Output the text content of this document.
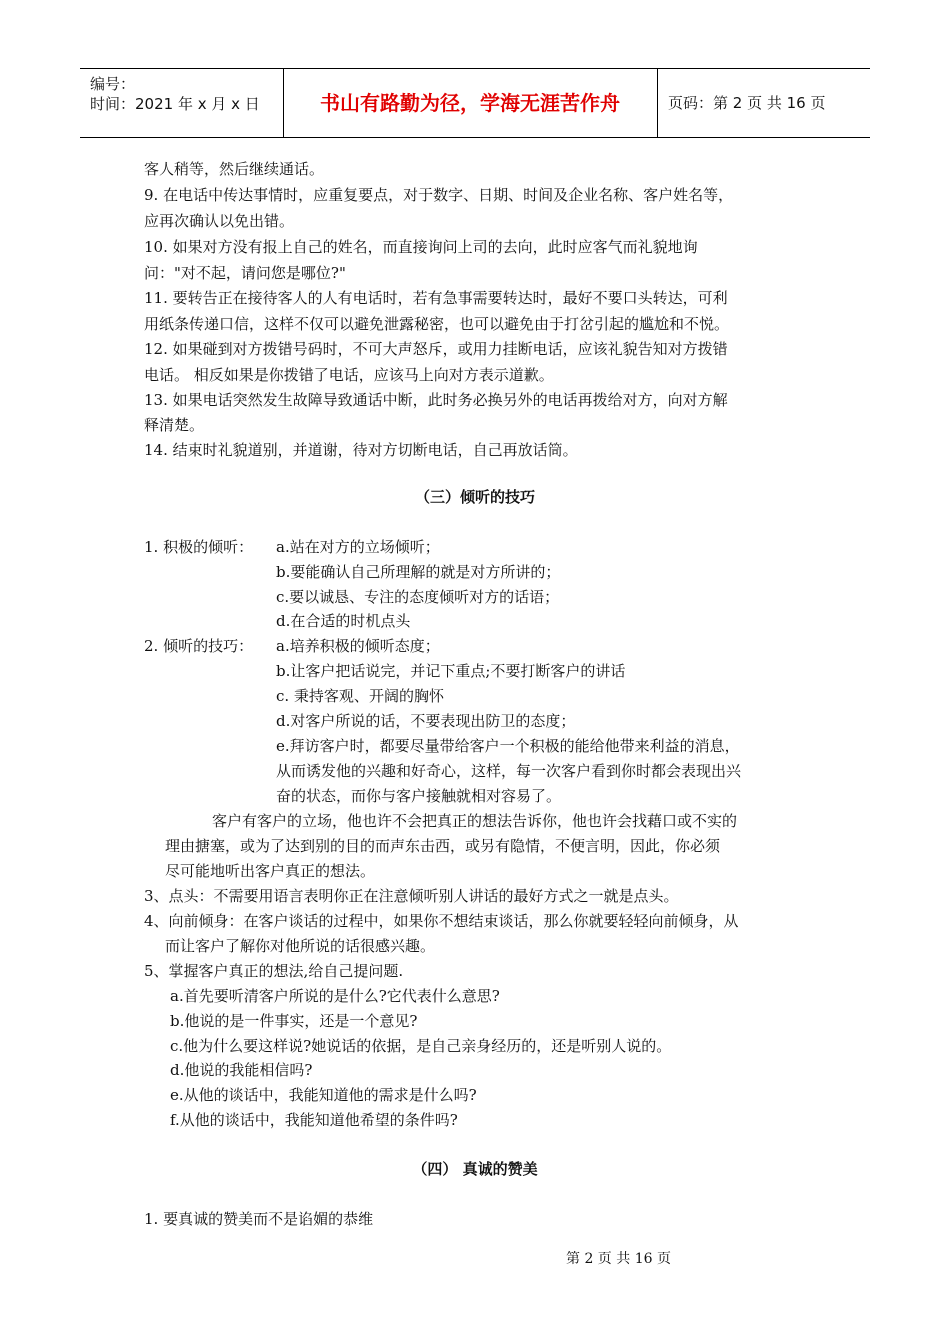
编号：
时间：2021 年 x 月 x 日	书山有路勤为径，学海无涯苦作舟	页码：第 2 页 共 16 页
客人稍等，然后继续通话。
9. 在电话中传达事情时，应重复要点，对于数字、日期、时间及企业名称、客户姓名等，
应再次确认以免出错。
10. 如果对方没有报上自己的姓名，而直接询问上司的去向，此时应客气而礼貌地询
问："对不起，请问您是哪位?"
11. 要转告正在接待客人的人有电话时，若有急事需要转达时，最好不要口头转达，可利
用纸条传递口信，这样不仅可以避免泄露秘密，也可以避免由于打岔引起的尴尬和不悦。
12. 如果碰到对方拨错号码时，不可大声怒斥，或用力挂断电话，应该礼貌告知对方拨错
电话。 相反如果是你拨错了电话，应该马上向对方表示道歉。
13. 如果电话突然发生故障导致通话中断，此时务必换另外的电话再拨给对方，向对方解
释清楚。
14. 结束时礼貌道别，并道谢，待对方切断电话，自己再放话筒。
（三）倾听的技巧
1. 积极的倾听： a.站在对方的立场倾听；
b.要能确认自己所理解的就是对方所讲的；
c.要以诚恳、专注的态度倾听对方的话语；
d.在合适的时机点头
2. 倾听的技巧： a.培养积极的倾听态度；
b.让客户把话说完，并记下重点;不要打断客户的讲话
c. 秉持客观、开阔的胸怀
d.对客户所说的话，不要表现出防卫的态度；
e.拜访客户时，都要尽量带给客户一个积极的能给他带来利益的消息，
从而诱发他的兴趣和好奇心，这样，每一次客户看到你时都会表现出兴
奋的状态，而你与客户接触就相对容易了。
客户有客户的立场，他也许不会把真正的想法告诉你，他也许会找藉口或不实的
理由搪塞，或为了达到别的目的而声东击西，或另有隐情，不便言明，因此，你必须
尽可能地听出客户真正的想法。
3、点头：不需要用语言表明你正在注意倾听别人讲话的最好方式之一就是点头。
4、向前倾身：在客户谈话的过程中，如果你不想结束谈话，那么你就要轻轻向前倾身，从
而让客户了解你对他所说的话很感兴趣。
5、掌握客户真正的想法,给自己提问题.
a.首先要听清客户所说的是什么?它代表什么意思?
b.他说的是一件事实，还是一个意见?
c.他为什么要这样说?她说话的依据，是自己亲身经历的，还是听别人说的。
d.他说的我能相信吗?
e.从他的谈话中，我能知道他的需求是什么吗?
f.从他的谈话中，我能知道他希望的条件吗?
（四） 真诚的赞美
1. 要真诚的赞美而不是谄媚的恭维
第 2 页 共 16 页
